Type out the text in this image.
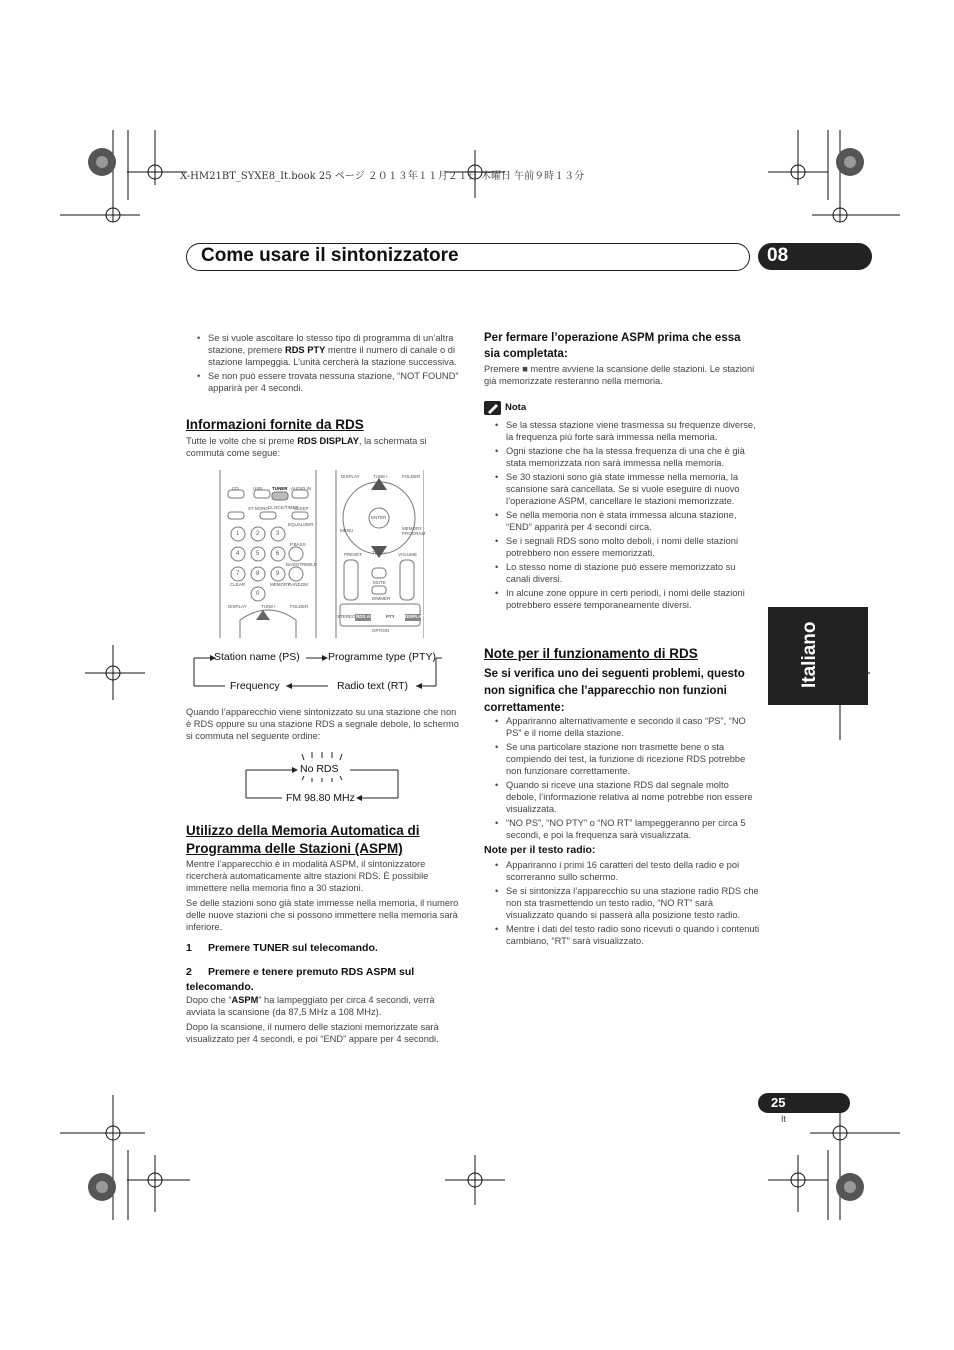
X-HM21BT_SYXE8_It.book 25 ページ ２０１３年１１月２１日 木曜日 午前９時１３分
Come usare il sintonizzatore	08
Italiano
• Se si vuole ascoltare lo stesso tipo di programma di un’altra stazione, premere RDS PTY mentre il numero di canale o di stazione lampeggia. L’unità cercherà la stazione successiva.
• Se non può essere trovata nessuna stazione, “NOT FOUND” apparirà per 4 secondi.
Informazioni fornite da RDS
Tutte le volte che si preme RDS DISPLAY, la schermata si commuta come segue:
CD	USB TUNER AUDIO IN
ST MONO CLOCK/TIMER
SLEEP
EQUALIZER
P.BASS
BASS/TREBLE
CLEAR	MEMORY
RANDOM
DISPLAY	TUNE+	FOLDER
DISPLAY	TUNE+	FOLDER
ENTER
TUNE–
MENU	MEMORY PROGRAM
PRESET	VOLUME
MUTE
DIMMER
STEREO RDS ASPM PTY DISPLAY
OPTION
1	2	3
4	5	6
7	8	9
0
Station name (PS)	Programme type (PTY)
Frequency	Radio text (RT)
Quando l’apparecchio viene sintonizzato su una stazione che non è RDS oppure su una stazione RDS a segnale debole, lo schermo si commuta nel seguente ordine:
No RDS
FM 98.80 MHz
Utilizzo della Memoria Automatica di
Programma delle Stazioni (ASPM)
Mentre l’apparecchio è in modalità ASPM, il sintonizzatore ricercherà automaticamente altre stazioni RDS. È possibile immettere nella memoria fino a 30 stazioni.
Se delle stazioni sono già state immesse nella memoria, il numero delle nuove stazioni che si possono immettere nella memoria sarà inferiore.
1 Premere TUNER sul telecomando.
2 Premere e tenere premuto RDS ASPM sul telecomando.
Dopo che “ASPM” ha lampeggiato per circa 4 secondi, verrà avviata la scansione (da 87,5 MHz a 108 MHz).
Dopo la scansione, il numero delle stazioni memorizzate sarà visualizzato per 4 secondi, e poi “END” appare per 4 secondi.
Per fermare l’operazione ASPM prima che essa sia completata:
Premere ■ mentre avviene la scansione delle stazioni. Le stazioni già memorizzate resteranno nella memoria.
Nota
• Se la stessa stazione viene trasmessa su frequenze diverse, la frequenza più forte sarà immessa nella memoria.
• Ogni stazione che ha la stessa frequenza di una che è già stata memorizzata non sarà immessa nella memoria.
• Se 30 stazioni sono già state immesse nella memoria, la scansione sarà cancellata. Se si vuole eseguire di nuovo l’operazione ASPM, cancellare le stazioni memorizzate.
• Se nella memoria non è stata immessa alcuna stazione, “END” apparirà per 4 secondi circa.
• Se i segnali RDS sono molto deboli, i nomi delle stazioni potrebbero non essere memorizzati.
• Lo stesso nome di stazione può essere memorizzato su canali diversi.
• In alcune zone oppure in certi periodi, i nomi delle stazioni potrebbero essere temporaneamente diversi.
Note per il funzionamento di RDS
Se si verifica uno dei seguenti problemi, questo non significa che l’apparecchio non funzioni correttamente:
• Appariranno alternativamente e secondo il caso “PS”, “NO PS” e il nome della stazione.
• Se una particolare stazione non trasmette bene o sta compiendo dei test, la funzione di ricezione RDS potrebbe non funzionare correttamente.
• Quando si riceve una stazione RDS dal segnale molto debole, l’informazione relativa al nome potrebbe non essere visualizzata.
• “NO PS”, “NO PTY” o “NO RT” lampeggeranno per circa 5 secondi, e poi la frequenza sarà visualizzata.
Note per il testo radio:
• Appariranno i primi 16 caratteri del testo della radio e poi scorreranno sullo schermo.
• Se si sintonizza l’apparecchio su una stazione radio RDS che non sta trasmettendo un testo radio, “NO RT” sarà visualizzato quando si passerà alla posizione testo radio.
• Mentre i dati del testo radio sono ricevuti o quando i contenuti cambiano, “RT” sarà visualizzato.
25
It
